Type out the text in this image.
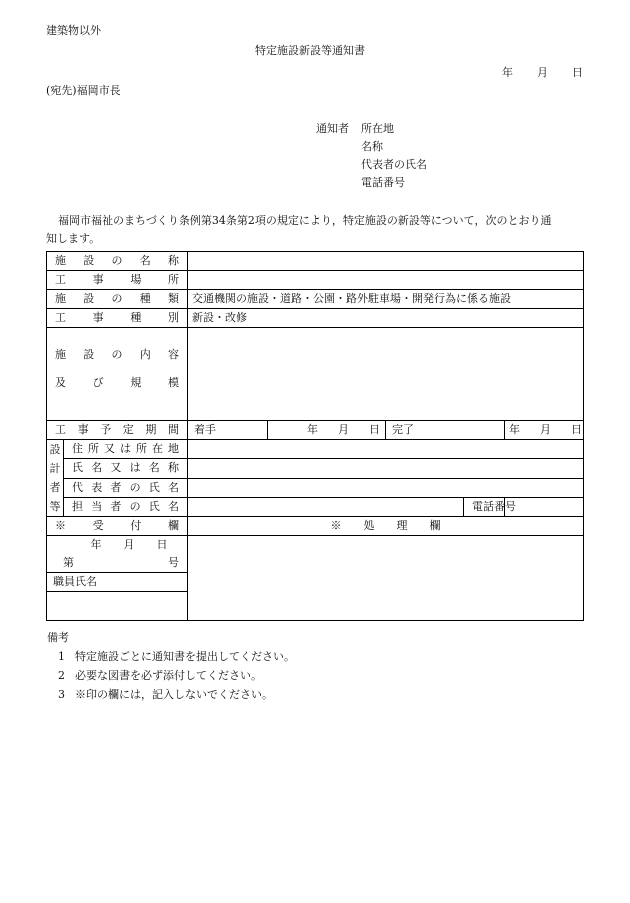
建築物以外
特定施設新設等通知書
年 月 日
(宛先)福岡市長
通知者 所在地
名称
代表者の氏名
電話番号
福岡市福祉のまちづくり条例第34条第2項の規定により，特定施設の新設等について，次のとおり通
知します。
施設の名称						
工事場所						
施設の種類		交通機関の施設・道路・公園・路外駐車場・開発行為に係る施設				
工事種別		新設・改修				

施設の内容
及び規模						

工事予定期間		着手	年 月 日	完了		年 月 日

設
計
者
等	住所又は所在地					
	氏名又は名称					
	代表者の氏名					
	担当者の氏名				電話番号	
※受付欄		※処理欄				
年 月 日						

第 号						

職員氏名						

備考
1 特定施設ごとに通知書を提出してください。
2 必要な図書を必ず添付してください。
3 ※印の欄には，記入しないでください。
